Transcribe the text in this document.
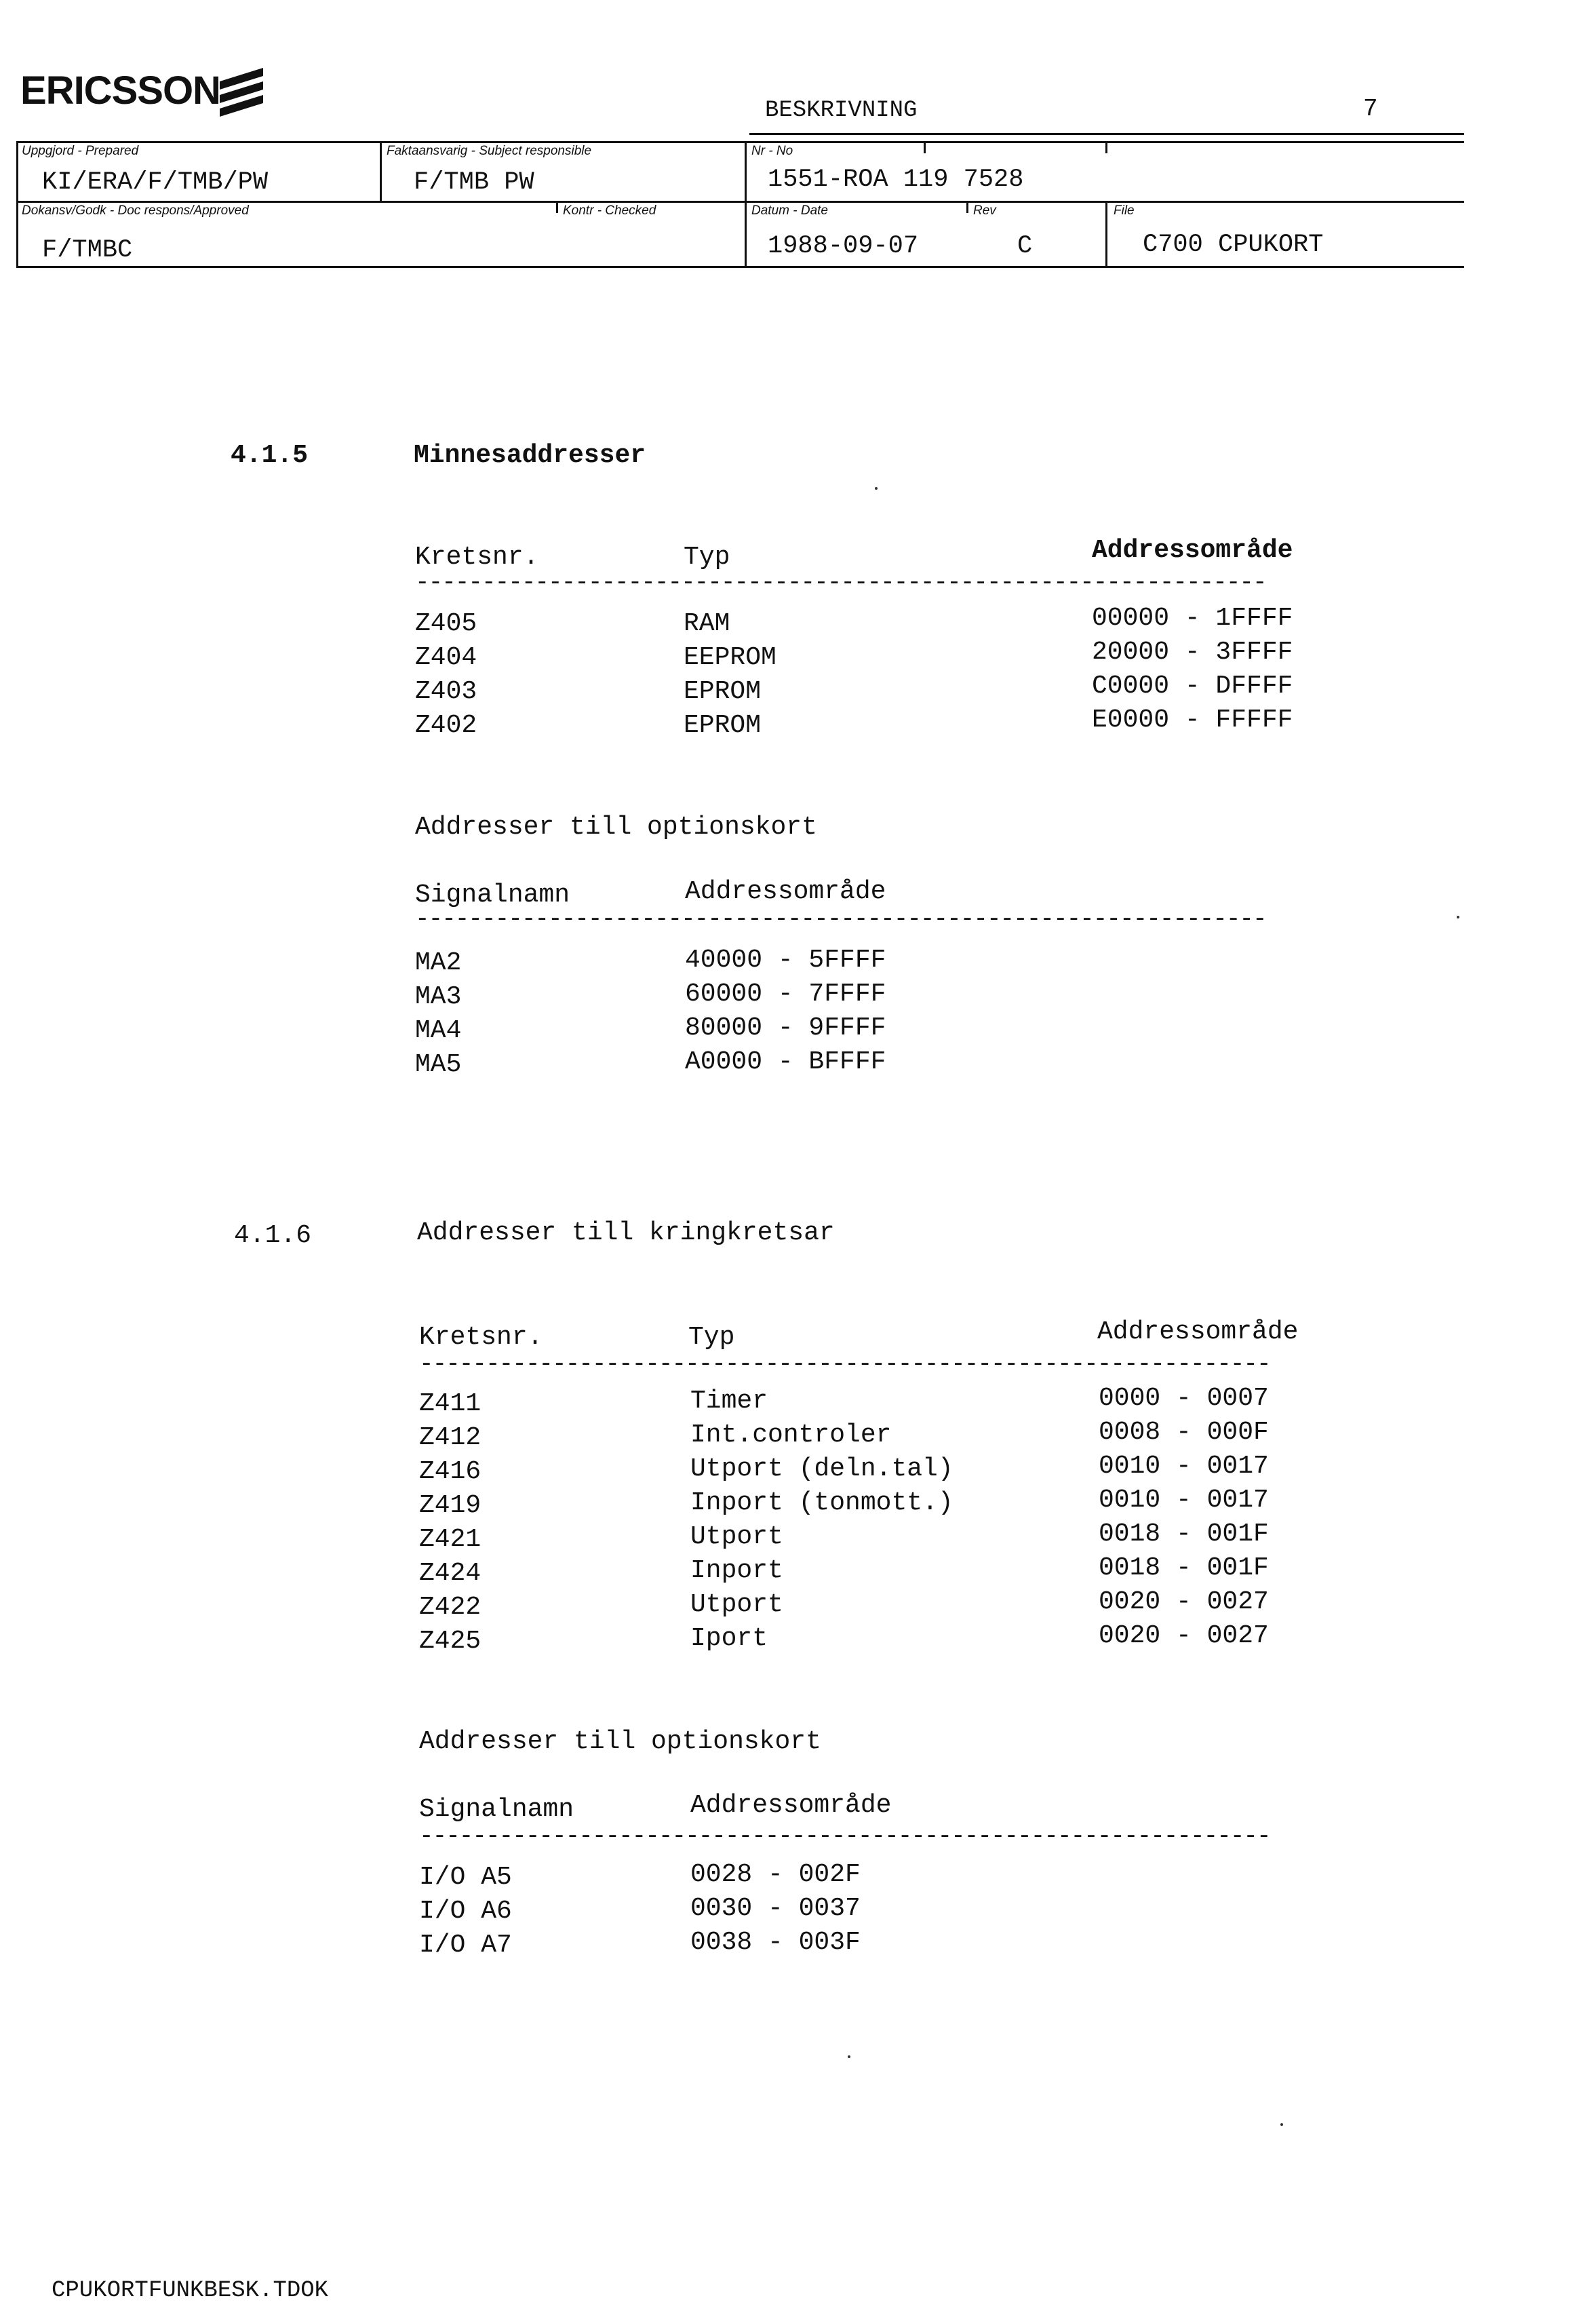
ERICSSON	BESKRIVNING	7
Uppgjord - Prepared
KI/ERA/F/TMB/PW
Faktaansvarig - Subject responsible
F/TMB PW
Nr - No
1551-ROA 119 7528
Dokansv/Godk - Doc respons/Approved
F/TMBC
Kontr - Checked	Datum - Date
1988-09-07
Rev
C
File
C700 CPUKORT
4.1.5	Minnesaddresser
Kretsnr.	Typ	Addressområde
----------------------------------------------------------------
Z405	RAM	00000 - 1FFFF
Z404	EEPROM	20000 - 3FFFF
Z403	EPROM	C0000 - DFFFF
Z402	EPROM	E0000 - FFFFF
Addresser till optionskort
Signalnamn	Addressområde
----------------------------------------------------------------
MA2	40000 - 5FFFF
MA3	60000 - 7FFFF
MA4	80000 - 9FFFF
MA5	A0000 - BFFFF
4.1.6	Addresser till kringkretsar
Kretsnr.	Typ	Addressområde
----------------------------------------------------------------
Z411	Timer	0000 - 0007
Z412	Int.controler	0008 - 000F
Z416	Utport (deln.tal)	0010 - 0017
Z419	Inport (tonmott.)	0010 - 0017
Z421	Utport	0018 - 001F
Z424	Inport	0018 - 001F
Z422	Utport	0020 - 0027
Z425	Iport	0020 - 0027
Addresser till optionskort
Signalnamn	Addressområde
----------------------------------------------------------------
I/O A5	0028 - 002F
I/O A6	0030 - 0037
I/O A7	0038 - 003F
CPUKORTFUNKBESK.TDOK
